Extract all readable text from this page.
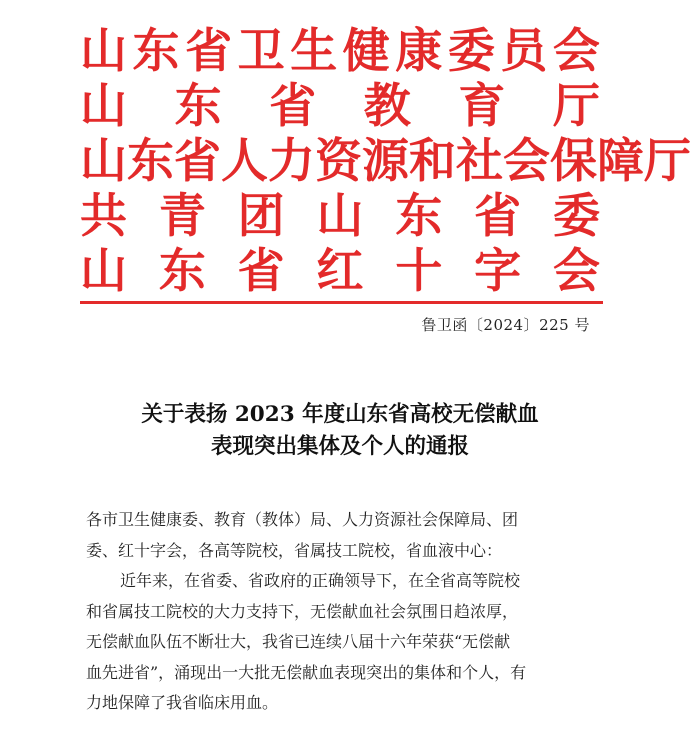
山 东 省 卫 生 健 康 委 员 会
山 东 省 教 育 厅
山 东 省 人 力 资 源 和 社 会 保 障 厅
共 青 团 山 东 省 委
山 东 省 红 十 字 会
鲁卫函〔2024〕225 号
关于表扬 2023 年度山东省高校无偿献血
表现突出集体及个人的通报
各市卫生健康委、教育（教体）局、人力资源社会保障局、团
委、红十字会，各高等院校，省属技工院校，省血液中心：
近年来，在省委、省政府的正确领导下，在全省高等院校
和省属技工院校的大力支持下，无偿献血社会氛围日趋浓厚，
无偿献血队伍不断壮大，我省已连续八届十六年荣获“无偿献
血先进省”，涌现出一大批无偿献血表现突出的集体和个人，有
力地保障了我省临床用血。
